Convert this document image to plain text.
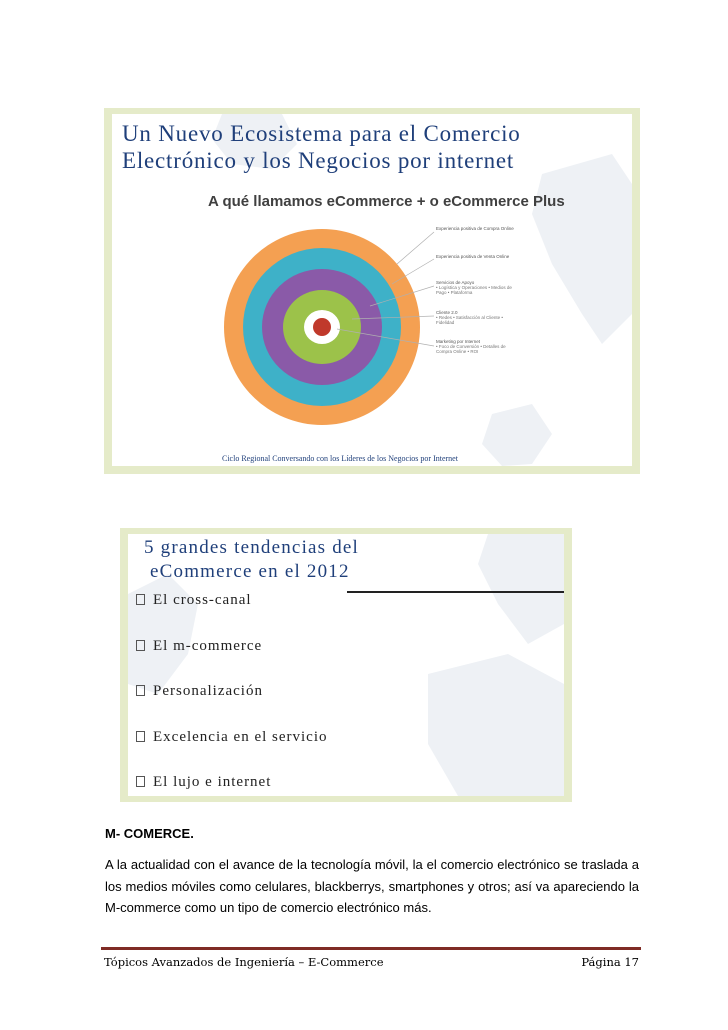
Un Nuevo Ecosistema para el Comercio
Electrónico y los Negocios por internet
A qué llamamos eCommerce + o eCommerce Plus
Experiencia positiva de Compra Online
Experiencia positiva de Venta Online
Servicios de Apoyo
• Logística y Operaciones • Medios de Pago • Plataforma
Cliente 2.0
• Redes • Satisfacción al Cliente • Fidelidad
Marketing por Internet
• Foco de Conversión • Detalles de Compra Online • ROI
Ciclo Regional Conversando con los Líderes de los Negocios por Internet
5 grandes tendencias del
eCommerce en el 2012
El cross-canal
El m-commerce
Personalización
Excelencia en el servicio
El lujo e internet
M- COMERCE.

A la actualidad con el avance de la tecnología móvil, la el comercio electrónico se traslada a los medios móviles como celulares, blackberrys, smartphones y otros; así va apareciendo la M-commerce como un tipo de comercio electrónico más.

Tópicos Avanzados de Ingeniería – E-Commerce	Página 17
